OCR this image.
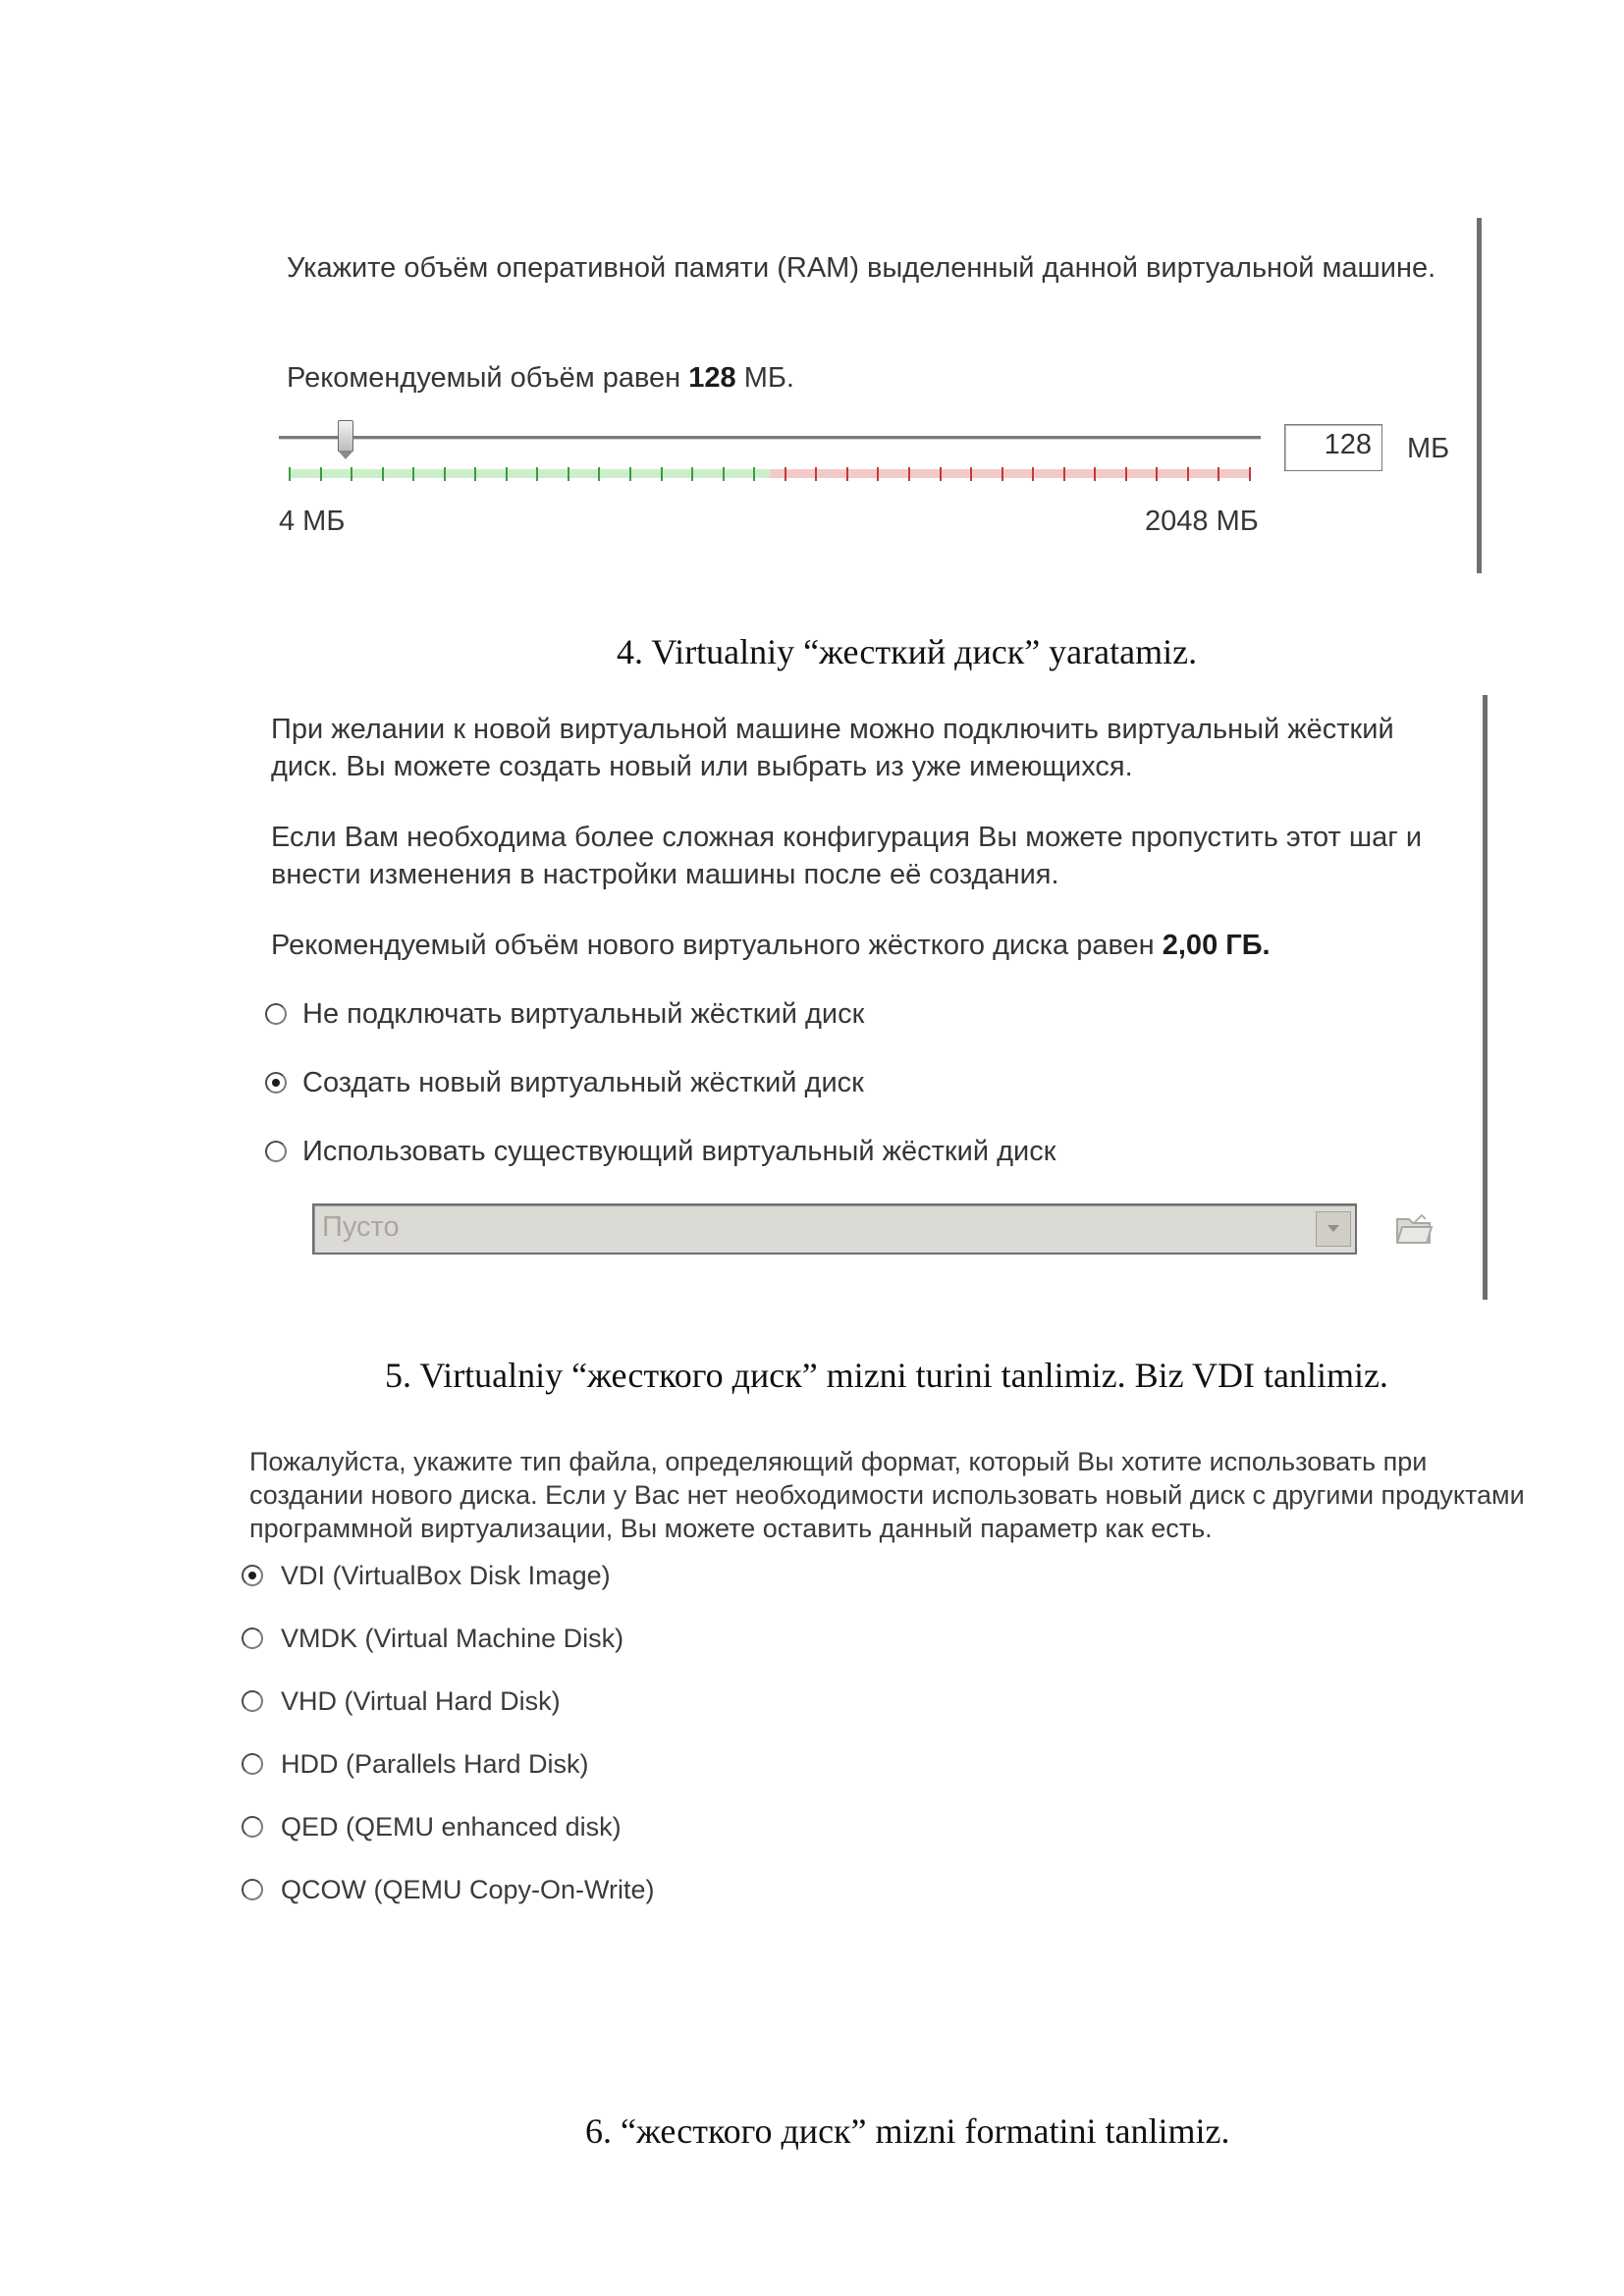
Укажите объём оперативной памяти (RAM) выделенный данной виртуальной машине.

Рекомендуемый объём равен 128 МБ.

128	МБ
4 МБ	2048 МБ
4. Virtualniy “жесткий диск” yaratamiz.

При желании к новой виртуальной машине можно подключить виртуальный жёсткий диск. Вы можете создать новый или выбрать из уже имеющихся.

Если Вам необходима более сложная конфигурация Вы можете пропустить этот шаг и внести изменения в настройки машины после её создания.

Рекомендуемый объём нового виртуального жёсткого диска равен 2,00 ГБ.

Не подключать виртуальный жёсткий диск
Создать новый виртуальный жёсткий диск
Использовать существующий виртуальный жёсткий диск
Пусто
5. Virtualniy “жесткого диск” mizni turini tanlimiz. Biz VDI tanlimiz.

Пожалуйста, укажите тип файла, определяющий формат, который Вы хотите использовать при создании нового диска. Если у Вас нет необходимости использовать новый диск с другими продуктами программной виртуализации, Вы можете оставить данный параметр как есть.

VDI (VirtualBox Disk Image)
VMDK (Virtual Machine Disk)
VHD (Virtual Hard Disk)
HDD (Parallels Hard Disk)
QED (QEMU enhanced disk)
QCOW (QEMU Copy-On-Write)
6. “жесткого диск” mizni formatini tanlimiz.
